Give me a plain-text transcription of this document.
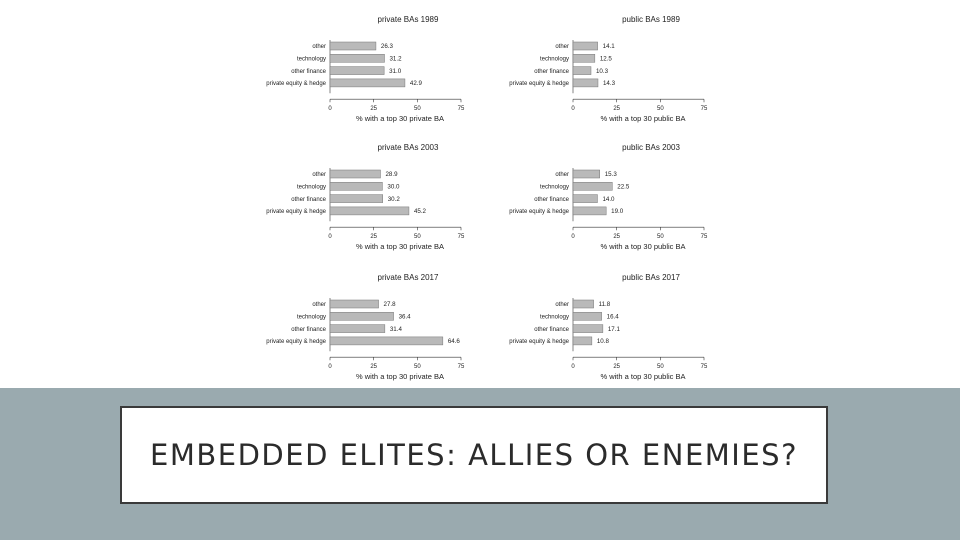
private BAs 1989
other	26.3
technology	31.2
other finance	31.0
private equity & hedge	42.9
0	25	50	75
% with a top 30 private BA
public BAs 1989
other	14.1
technology	12.5
other finance	10.3
private equity & hedge	14.3
0	25	50	75
% with a top 30 public BA
private BAs 2003
other	28.9
technology	30.0
other finance	30.2
private equity & hedge	45.2
0	25	50	75
% with a top 30 private BA
public BAs 2003
other	15.3
technology	22.5
other finance	14.0
private equity & hedge	19.0
0	25	50	75
% with a top 30 public BA
private BAs 2017
other	27.8
technology	36.4
other finance	31.4
private equity & hedge	64.6
0	25	50	75
% with a top 30 private BA
public BAs 2017
other	11.8
technology	16.4
other finance	17.1
private equity & hedge	10.8
0	25	50	75
% with a top 30 public BA
EMBEDDED ELITES: ALLIES OR ENEMIES?
